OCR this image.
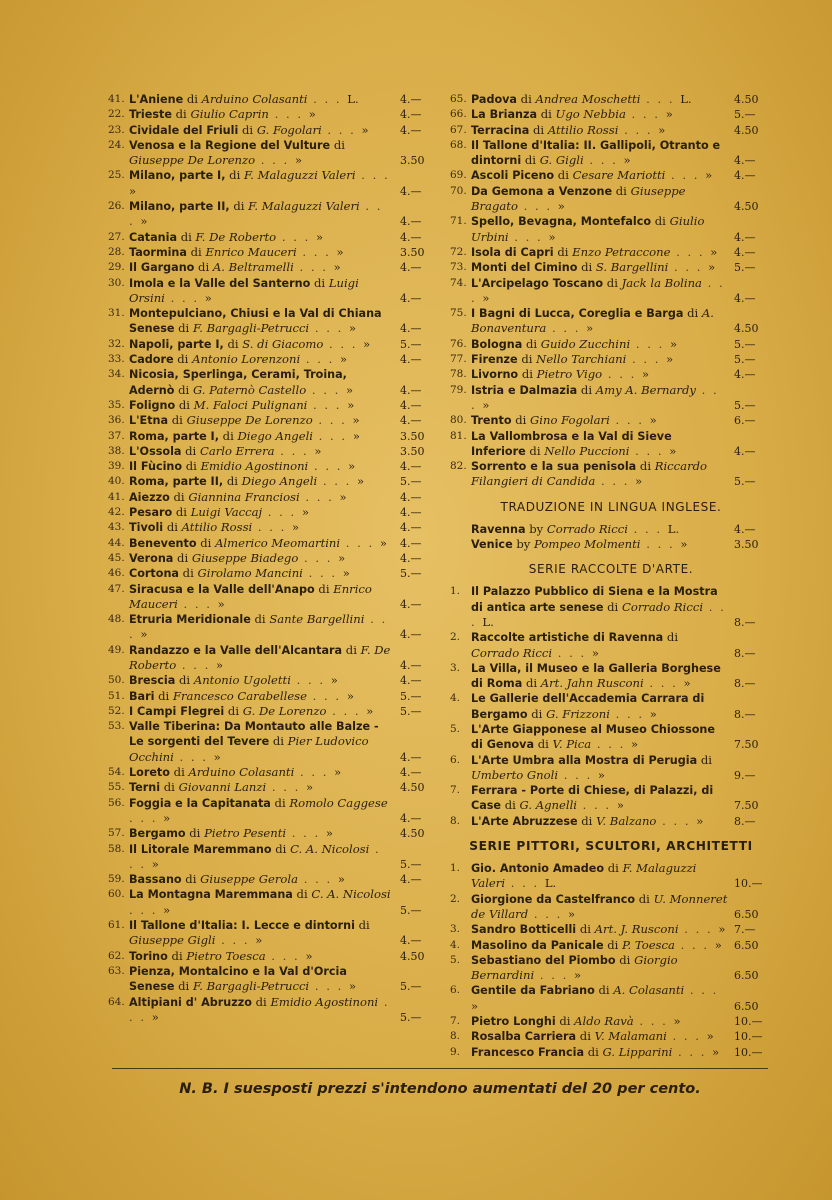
41. L'Aniene di Arduino Colasanti . . . L.	4.—
22. Trieste di Giulio Caprin . . . »	4.—
23. Cividale del Friuli di G. Fogolari . . . »	4.—
24. Venosa e la Regione del Vulture di Giuseppe De Lorenzo . . . »	3.50
25. Milano, parte I, di F. Malaguzzi Valeri . . . »	4.—
26. Milano, parte II, di F. Malaguzzi Valeri . . . »	4.—
27. Catania di F. De Roberto . . . »	4.—
28. Taormina di Enrico Mauceri . . . »	3.50
29. Il Gargano di A. Beltramelli . . . »	4.—
30. Imola e la Valle del Santerno di Luigi Orsini . . . »	4.—
31. Montepulciano, Chiusi e la Val di Chiana Senese di F. Bargagli-Petrucci . . . »	4.—
32. Napoli, parte I, di S. di Giacomo . . . »	5.—
33. Cadore di Antonio Lorenzoni . . . »	4.—
34. Nicosia, Sperlinga, Cerami, Troina, Adernò di G. Paternò Castello . . . »	4.—
35. Foligno di M. Faloci Pulignani . . . »	4.—
36. L'Etna di Giuseppe De Lorenzo . . . »	4.—
37. Roma, parte I, di Diego Angeli . . . »	3.50
38. L'Ossola di Carlo Errera . . . »	3.50
39. Il Fùcino di Emidio Agostinoni . . . »	4.—
40. Roma, parte II, di Diego Angeli . . . »	5.—
41. Aiezzo di Giannina Franciosi . . . »	4.—
42. Pesaro di Luigi Vaccaj . . . »	4.—
43. Tivoli di Attilio Rossi . . . »	4.—
44. Benevento di Almerico Meomartini . . . »	4.—
45. Verona di Giuseppe Biadego . . . »	4.—
46. Cortona di Girolamo Mancini . . . »	5.—
47. Siracusa e la Valle dell'Anapo di Enrico Mauceri . . . »	4.—
48. Etruria Meridionale di Sante Bargellini . . . »	4.—
49. Randazzo e la Valle dell'Alcantara di F. De Roberto . . . »	4.—
50. Brescia di Antonio Ugoletti . . . »	4.—
51. Bari di Francesco Carabellese . . . »	5.—
52. I Campi Flegrei di G. De Lorenzo . . . »	5.—
53. Valle Tiberina: Da Montauto alle Balze - Le sorgenti del Tevere di Pier Ludovico Occhini . . . »	4.—
54. Loreto di Arduino Colasanti . . . »	4.—
55. Terni di Giovanni Lanzi . . . »	4.50
56. Foggia e la Capitanata di Romolo Caggese . . . »	4.—
57. Bergamo di Pietro Pesenti . . . »	4.50
58. Il Litorale Maremmano di C. A. Nicolosi . . . »	5.—
59. Bassano di Giuseppe Gerola . . . »	4.—
60. La Montagna Maremmana di C. A. Nicolosi . . . »	5.—
61. Il Tallone d'Italia: I. Lecce e dintorni di Giuseppe Gigli . . . »	4.—
62. Torino di Pietro Toesca . . . »	4.50
63. Pienza, Montalcino e la Val d'Orcia Senese di F. Bargagli-Petrucci . . . »	5.—
64. Altipiani d' Abruzzo di Emidio Agostinoni . . . »	5.—
65. Padova di Andrea Moschetti . . . L.	4.50
66. La Brianza di Ugo Nebbia . . . »	5.—
67. Terracina di Attilio Rossi . . . »	4.50
68. Il Tallone d'Italia: II. Gallipoli, Otranto e dintorni di G. Gigli . . . »	4.—
69. Ascoli Piceno di Cesare Mariotti . . . »	4.—
70. Da Gemona a Venzone di Giuseppe Bragato . . . »	4.50
71. Spello, Bevagna, Montefalco di Giulio Urbini . . . »	4.—
72. Isola di Capri di Enzo Petraccone . . . »	4.—
73. Monti del Cimino di S. Bargellini . . . »	5.—
74. L'Arcipelago Toscano di Jack la Bolina . . . »	4.—
75. I Bagni di Lucca, Coreglia e Barga di A. Bonaventura . . . »	4.50
76. Bologna di Guido Zucchini . . . »	5.—
77. Firenze di Nello Tarchiani . . . »	5.—
78. Livorno di Pietro Vigo . . . »	4.—
79. Istria e Dalmazia di Amy A. Bernardy . . . »	5.—
80. Trento di Gino Fogolari . . . »	6.—
81. La Vallombrosa e la Val di Sieve Inferiore di Nello Puccioni . . . »	4.—
82. Sorrento e la sua penisola di Riccardo Filangieri di Candida . . . »	5.—
TRADUZIONE IN LINGUA INGLESE.
Ravenna by Corrado Ricci . . . L.	4.—
Venice by Pompeo Molmenti . . . »	3.50
SERIE RACCOLTE D'ARTE.
1. Il Palazzo Pubblico di Siena e la Mostra di antica arte senese di Corrado Ricci . . . L.	8.—
2. Raccolte artistiche di Ravenna di Corrado Ricci . . . »	8.—
3. La Villa, il Museo e la Galleria Borghese di Roma di Art. Jahn Rusconi . . . »	8.—
4. Le Gallerie dell'Accademia Carrara di Bergamo di G. Frizzoni . . . »	8.—
5. L'Arte Giapponese al Museo Chiossone di Genova di V. Pica . . . »	7.50
6. L'Arte Umbra alla Mostra di Perugia di Umberto Gnoli . . . »	9.—
7. Ferrara - Porte di Chiese, di Palazzi, di Case di G. Agnelli . . . »	7.50
8. L'Arte Abruzzese di V. Balzano . . . »	8.—
SERIE PITTORI, SCULTORI, ARCHITETTI
1. Gio. Antonio Amadeo di F. Malaguzzi Valeri . . . L.	10.—
2. Giorgione da Castelfranco di U. Monneret de Villard . . . »	6.50
3. Sandro Botticelli di Art. J. Rusconi . . . » 7.—
4. Masolino da Panicale di P. Toesca . . . »	6.50
5. Sebastiano del Piombo di Giorgio Bernardini . . . »	6.50
6. Gentile da Fabriano di A. Colasanti . . . »	6.50
7. Pietro Longhi di Aldo Ravà . . . »	10.—
8. Rosalba Carriera di V. Malamani . . . »	10.—
9. Francesco Francia di G. Lipparini . . . »	10.—
N. B. I suesposti prezzi s'intendono aumentati del 20 per cento.
